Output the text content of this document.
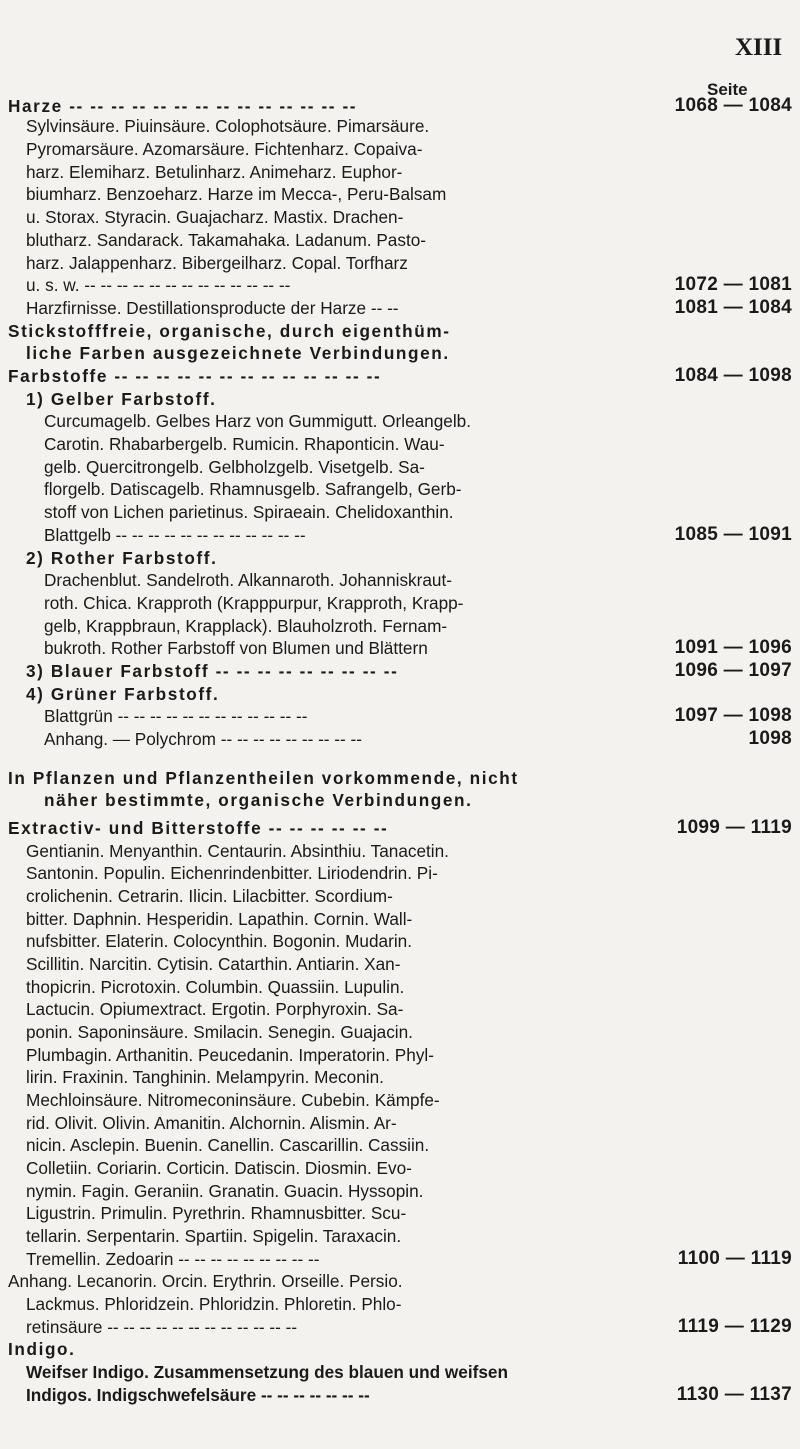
XIII
Seite
Harze -- -- -- -- -- -- -- -- -- -- -- -- -- --	1068 — 1084
Sylvinsäure. Piuinsäure. Colophotsäure. Pimarsäure.
Pyromarsäure. Azomarsäure. Fichtenharz. Copaiva-
harz. Elemiharz. Betulinharz. Animeharz. Euphor-
biumharz. Benzoeharz. Harze im Mecca-, Peru-Balsam
u. Storax. Styracin. Guajacharz. Mastix. Drachen-
blutharz. Sandarack. Takamahaka. Ladanum. Pasto-
harz. Jalappenharz. Bibergeilharz. Copal. Torfharz
u. s. w. -- -- -- -- -- -- -- -- -- -- -- -- --	1072 — 1081
Harzfirnisse. Destillationsproducte der Harze -- --	1081 — 1084
Stickstofffreie, organische, durch eigenthüm-
liche Farben ausgezeichnete Verbindungen.
Farbstoffe -- -- -- -- -- -- -- -- -- -- -- -- --	1084 — 1098
1) Gelber Farbstoff.
Curcumagelb. Gelbes Harz von Gummigutt. Orleangelb.
Carotin. Rhabarbergelb. Rumicin. Rhaponticin. Wau-
gelb. Quercitrongelb. Gelbholzgelb. Visetgelb. Sa-
florgelb. Datiscagelb. Rhamnusgelb. Safrangelb, Gerb-
stoff von Lichen parietinus. Spiraeain. Chelidoxanthin.
Blattgelb -- -- -- -- -- -- -- -- -- -- -- --	1085 — 1091
2) Rother Farbstoff.
Drachenblut. Sandelroth. Alkannaroth. Johanniskraut-
roth. Chica. Krapproth (Krapppurpur, Krapproth, Krapp-
gelb, Krappbraun, Krapplack). Blauholzroth. Fernam-
bukroth. Rother Farbstoff von Blumen und Blättern	1091 — 1096
3) Blauer Farbstoff -- -- -- -- -- -- -- -- --	1096 — 1097
4) Grüner Farbstoff.
Blattgrün -- -- -- -- -- -- -- -- -- -- -- --	1097 — 1098
Anhang. — Polychrom -- -- -- -- -- -- -- -- --	1098
In Pflanzen und Pflanzentheilen vorkommende, nicht
näher bestimmte, organische Verbindungen.
Extractiv- und Bitterstoffe -- -- -- -- -- --	1099 — 1119
Gentianin. Menyanthin. Centaurin. Absinthiu. Tanacetin.
Santonin. Populin. Eichenrindenbitter. Liriodendrin. Pi-
crolichenin. Cetrarin. Ilicin. Lilacbitter. Scordium-
bitter. Daphnin. Hesperidin. Lapathin. Cornin. Wall-
nufsbitter. Elaterin. Colocynthin. Bogonin. Mudarin.
Scillitin. Narcitin. Cytisin. Catarthin. Antiarin. Xan-
thopicrin. Picrotoxin. Columbin. Quassiin. Lupulin.
Lactucin. Opiumextract. Ergotin. Porphyroxin. Sa-
ponin. Saponinsäure. Smilacin. Senegin. Guajacin.
Plumbagin. Arthanitin. Peucedanin. Imperatorin. Phyl-
lirin. Fraxinin. Tanghinin. Melampyrin. Meconin.
Mechloinsäure. Nitromeconinsäure. Cubebin. Kämpfe-
rid. Olivit. Olivin. Amanitin. Alchornin. Alismin. Ar-
nicin. Asclepin. Buenin. Canellin. Cascarillin. Cassiin.
Colletiin. Coriarin. Corticin. Datiscin. Diosmin. Evo-
nymin. Fagin. Geraniin. Granatin. Guacin. Hyssopin.
Ligustrin. Primulin. Pyrethrin. Rhamnusbitter. Scu-
tellarin. Serpentarin. Spartiin. Spigelin. Taraxacin.
Tremellin. Zedoarin -- -- -- -- -- -- -- -- --	1100 — 1119
Anhang. Lecanorin. Orcin. Erythrin. Orseille. Persio.
Lackmus. Phloridzein. Phloridzin. Phloretin. Phlo-
retinsäure -- -- -- -- -- -- -- -- -- -- -- --	1119 — 1129
Indigo.
Weifser Indigo. Zusammensetzung des blauen und weifsen
Indigos. Indigschwefelsäure -- -- -- -- -- -- --	1130 — 1137
